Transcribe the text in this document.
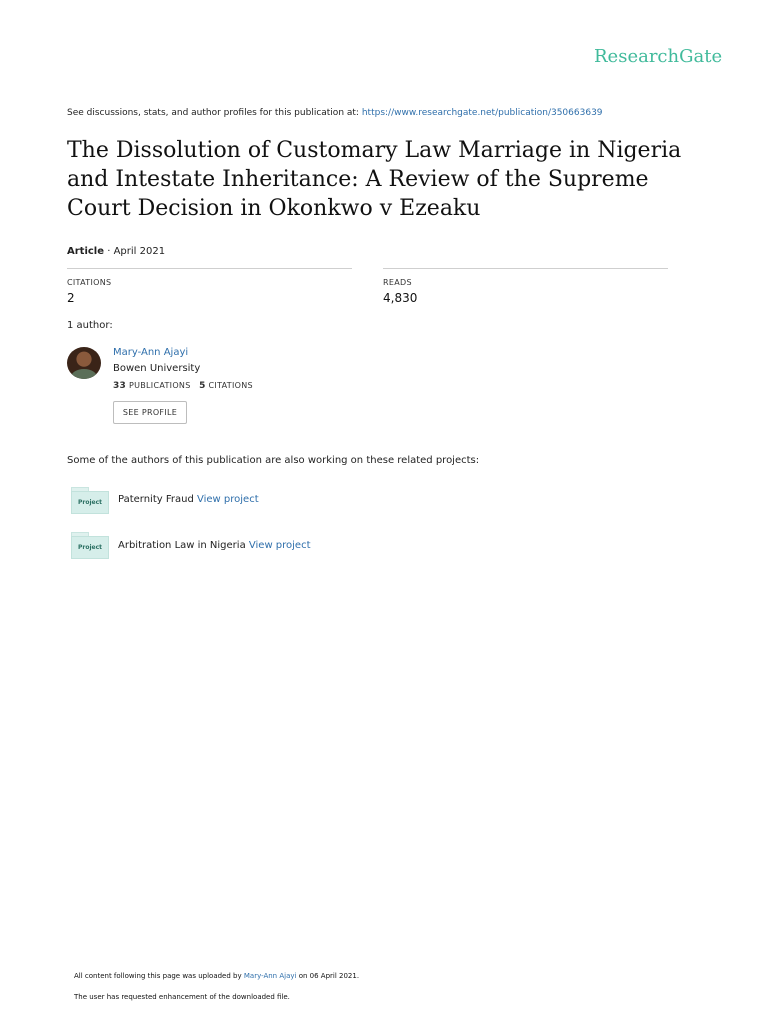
ResearchGate
See discussions, stats, and author profiles for this publication at: https://www.researchgate.net/publication/350663639
The Dissolution of Customary Law Marriage in Nigeria and Intestate Inheritance: A Review of the Supreme Court Decision in Okonkwo v Ezeaku
Article · April 2021
CITATIONS
2
READS
4,830
1 author:
Mary-Ann Ajayi
Bowen University
33 PUBLICATIONS 5 CITATIONS
SEE PROFILE
Some of the authors of this publication are also working on these related projects:
Project	Paternity Fraud View project
Project	Arbitration Law in Nigeria View project
All content following this page was uploaded by Mary-Ann Ajayi on 06 April 2021.
The user has requested enhancement of the downloaded file.
